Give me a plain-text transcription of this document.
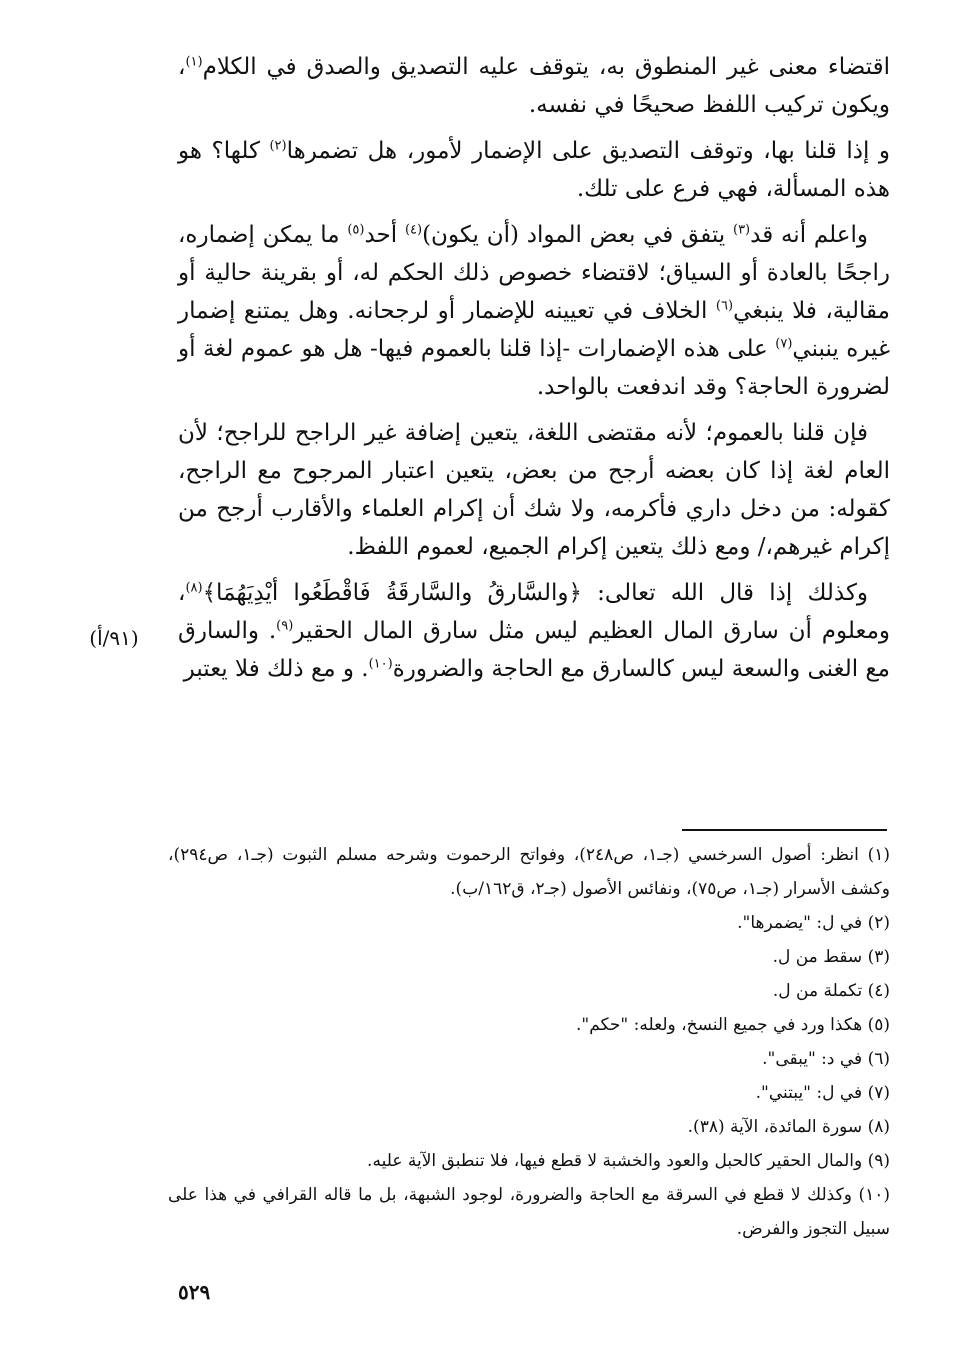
اقتضاء معنى غير المنطوق به، يتوقف عليه التصديق والصدق في الكلام$^{(١)}$، ويكون تركيب اللفظ صحيحًا في نفسه.

و إذا قلنا بها، وتوقف التصديق على الإضمار لأمور، هل تضمرها$^{(٢)}$ كلها؟ هو هذه المسألة، فهي فرع على تلك.

واعلم أنه قد$^{(٣)}$ يتفق في بعض المواد (أن يكون)$^{(٤)}$ أحد$^{(٥)}$ ما يمكن إضماره، راجحًا بالعادة أو السياق؛ لاقتضاء خصوص ذلك الحكم له، أو بقرينة حالية أو مقالية، فلا ينبغي$^{(٦)}$ الخلاف في تعيينه للإضمار أو لرجحانه. وهل يمتنع إضمار غيره ينبني$^{(٧)}$ على هذه الإضمارات -إذا قلنا بالعموم فيها- هل هو عموم لغة أو لضرورة الحاجة؟ وقد اندفعت بالواحد.

فإن قلنا بالعموم؛ لأنه مقتضى اللغة، يتعين إضافة غير الراجح للراجح؛ لأن العام لغة إذا كان بعضه أرجح من بعض، يتعين اعتبار المرجوح مع الراجح، كقوله: من دخل داري فأكرمه، ولا شك أن إكرام العلماء والأقارب أرجح من إكرام غيرهم،/ ومع ذلك يتعين إكرام الجميع، لعموم اللفظ.

وكذلك إذا قال الله تعالى: ﴿والسَّارقُ والسَّارقَةُ فَاقْطَعُوا أيْدِيَهُمَا﴾$^{(٨)}$، ومعلوم أن سارق المال العظيم ليس مثل سارق المال الحقير$^{(٩)}$. والسارق مع الغنى والسعة ليس كالسارق مع الحاجة والضرورة$^{(١٠)}$. و مع ذلك فلا يعتبر

(٩١/أ)

(١) انظر: أصول السرخسي (جـ١، ص٢٤٨)، وفواتح الرحموت وشرحه مسلم الثبوت (جـ١، ص٢٩٤)، وكشف الأسرار (جـ١، ص٧٥)، ونفائس الأصول (جـ٢، ق١٦٢/ب).

(٢) في ل: "يضمرها".

(٣) سقط من ل.

(٤) تكملة من ل.

(٥) هكذا ورد في جميع النسخ، ولعله: "حكم".

(٦) في د: "يبقى".

(٧) في ل: "يبتني".

(٨) سورة المائدة، الآية (٣٨).

(٩) والمال الحقير كالحبل والعود والخشبة لا قطع فيها، فلا تنطبق الآية عليه.

(١٠) وكذلك لا قطع في السرقة مع الحاجة والضرورة، لوجود الشبهة، بل ما قاله القرافي في هذا على سبيل التجوز والفرض.

٥٢٩
